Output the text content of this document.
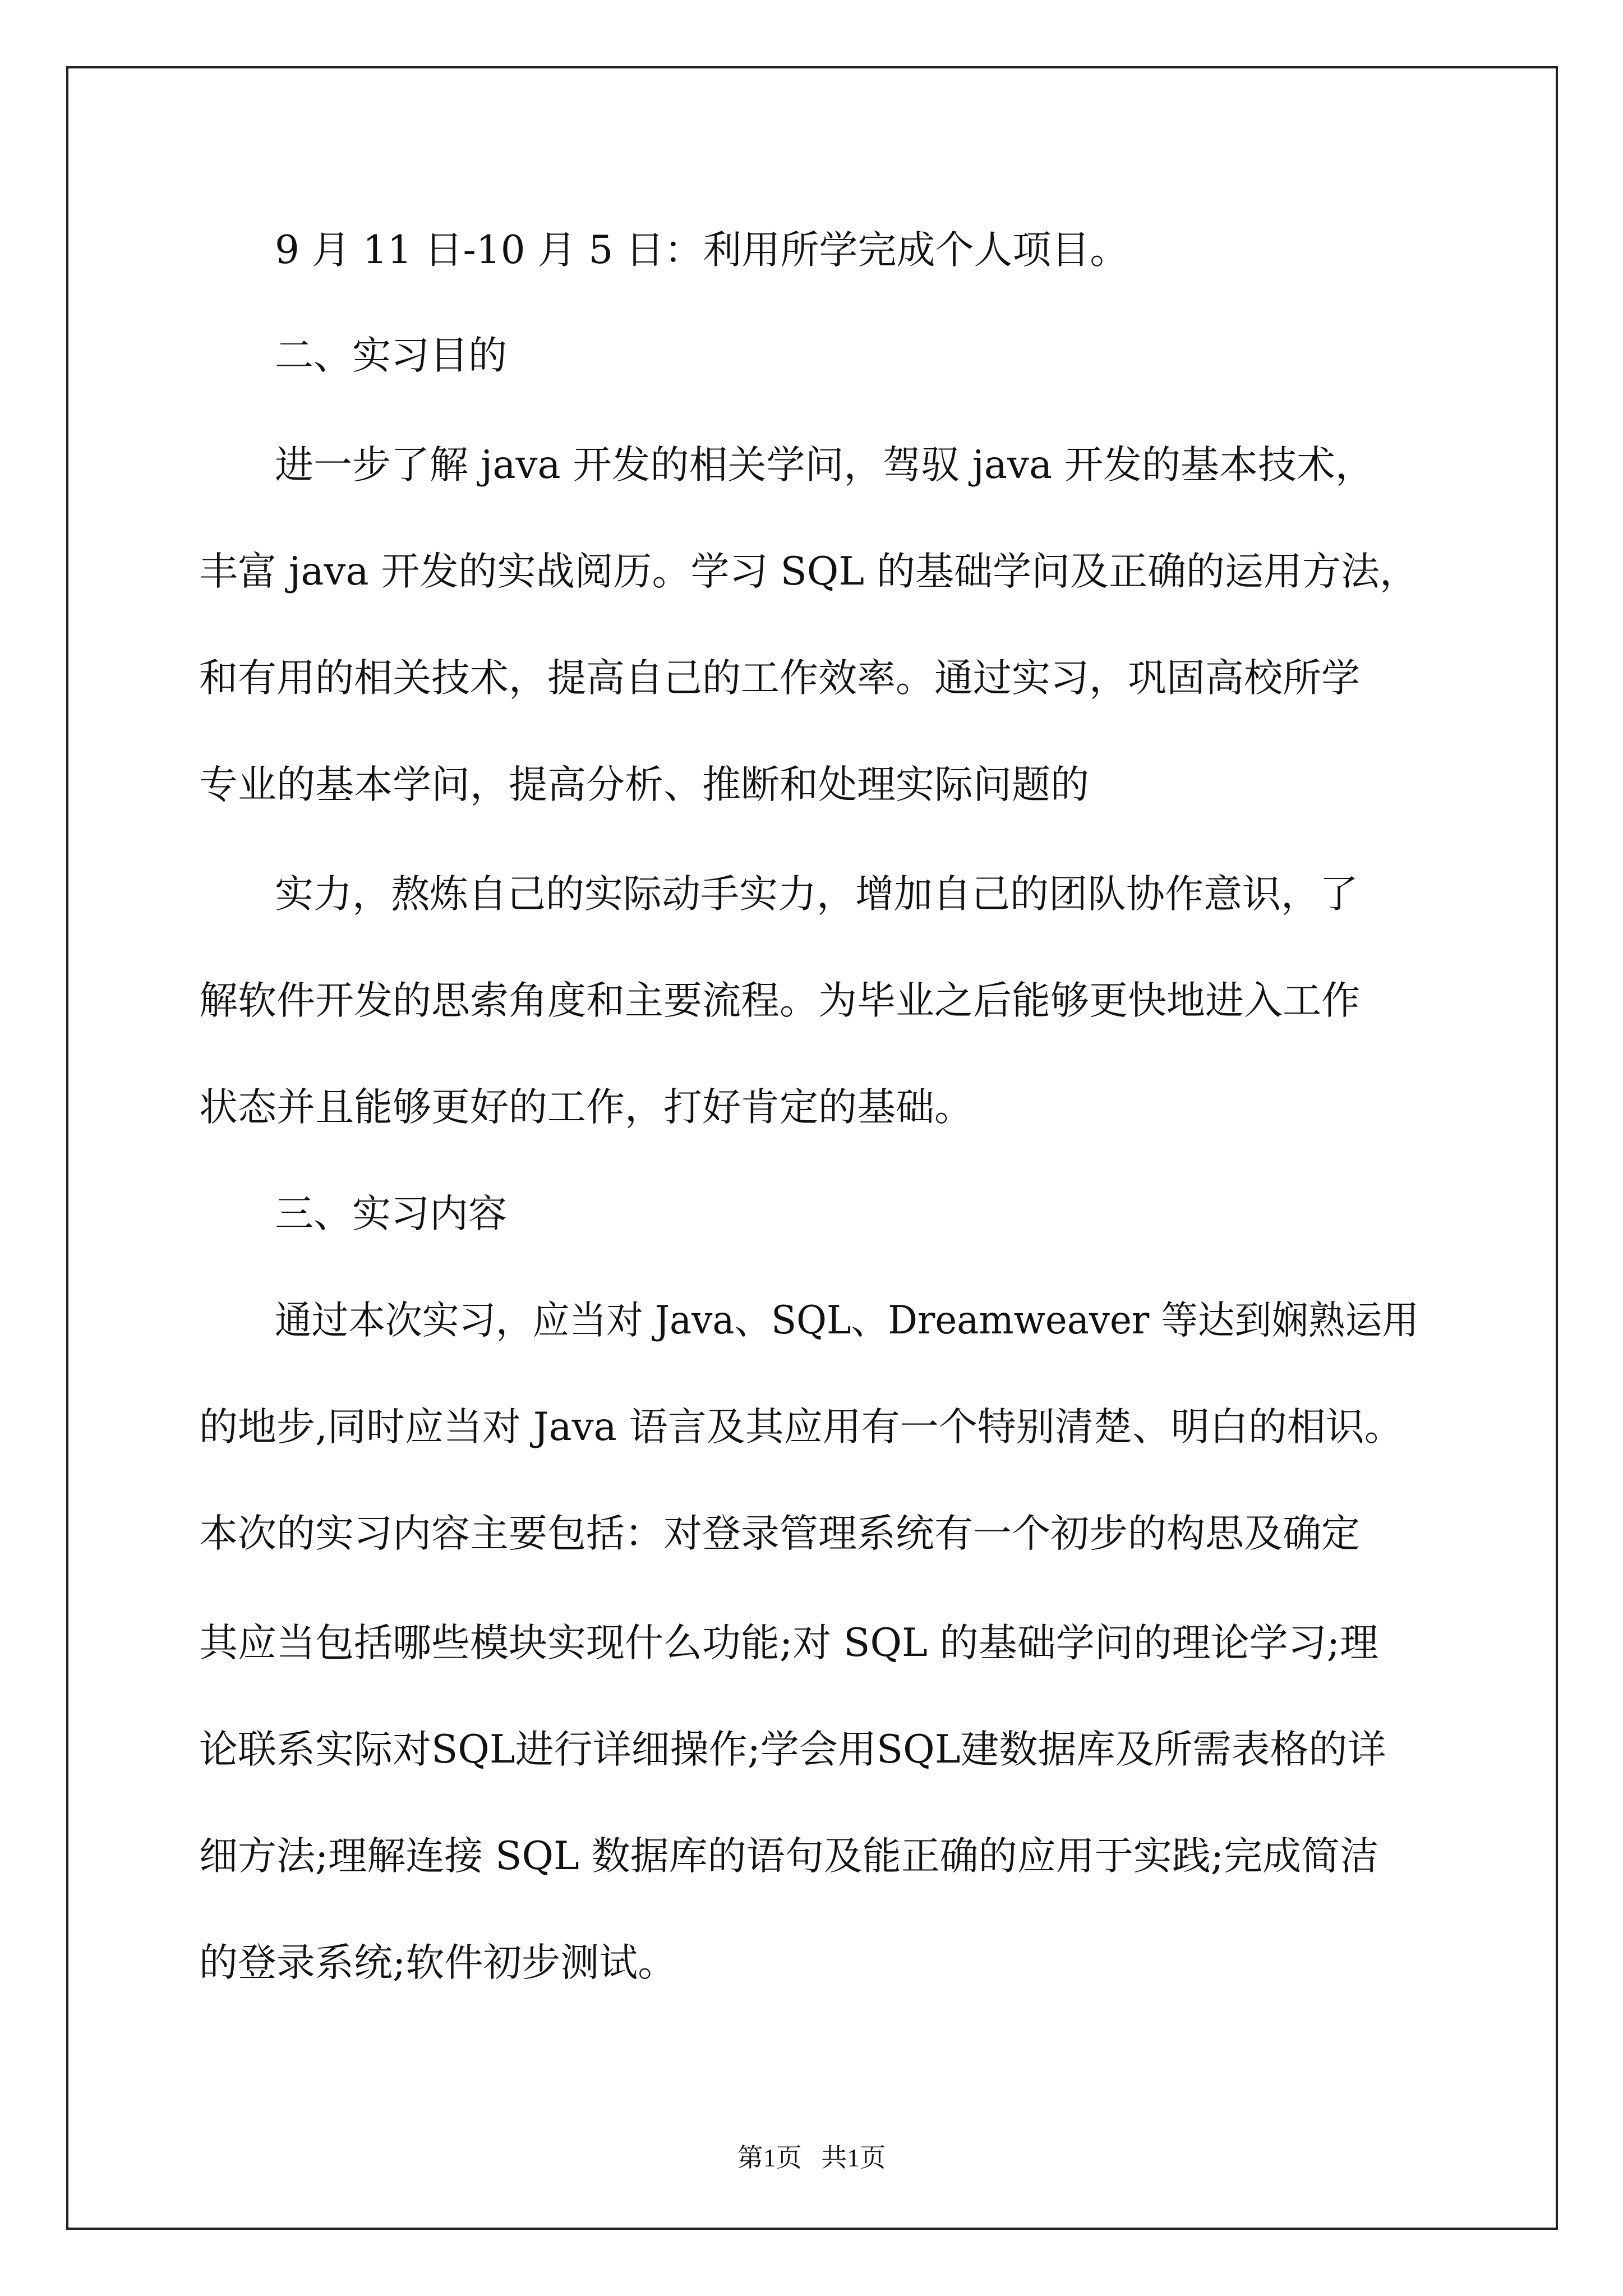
9 月 11 日-10 月 5 日：利用所学完成个人项目。
二、实习目的
进一步了解 java 开发的相关学问，驾驭 java 开发的基本技术，
丰富 java 开发的实战阅历。学习 SQL 的基础学问及正确的运用方法，
和有用的相关技术，提高自己的工作效率。通过实习，巩固高校所学
专业的基本学问，提高分析、推断和处理实际问题的
实力，熬炼自己的实际动手实力，增加自己的团队协作意识，了
解软件开发的思索角度和主要流程。为毕业之后能够更快地进入工作
状态并且能够更好的工作，打好肯定的基础。
三、实习内容
通过本次实习，应当对 Java、SQL、Dreamweaver 等达到娴熟运用
的地步,同时应当对 Java 语言及其应用有一个特别清楚、明白的相识。
本次的实习内容主要包括：对登录管理系统有一个初步的构思及确定
其应当包括哪些模块实现什么功能;对 SQL 的基础学问的理论学习;理
论联系实际对SQL进行详细操作;学会用SQL建数据库及所需表格的详
细方法;理解连接 SQL 数据库的语句及能正确的应用于实践;完成简洁
的登录系统;软件初步测试。
第1页   共1页
